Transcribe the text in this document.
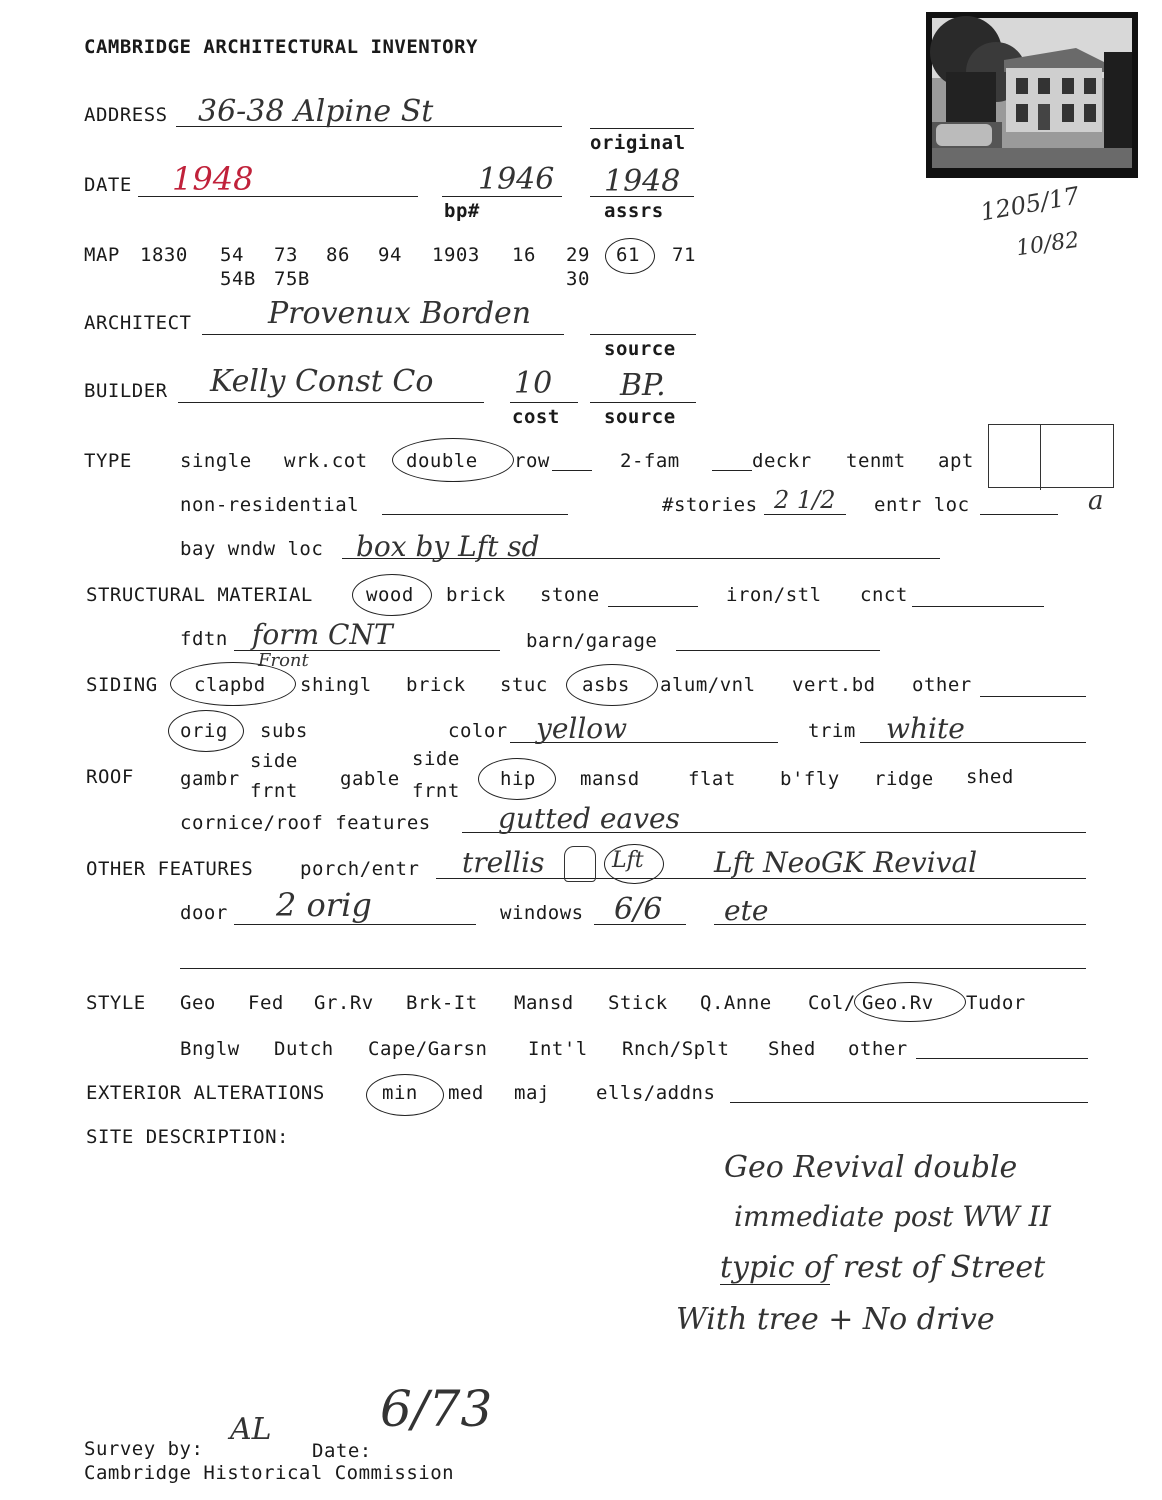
CAMBRIDGE ARCHITECTURAL INVENTORY
1205/17
10/82
ADDRESS 36-38 Alpine St
original
DATE 1948	1946
bp#
1948
assrs
MAP 1830 54 73 86 94 1903 16 29 61 71
54B 75B	30
ARCHITECT	Provenux Borden
source
BUILDER Kelly Const Co	10
cost
BP.
source
TYPE	single wrk.cot double row	2-fam	deckr tenmt apt
non-residential	#stories 2 1/2 entr loc	a
bay wndw loc box by Lft sd
STRUCTURAL MATERIAL	wood brick stone	iron/stl cnct
fdtn form CNT	barn/garage
SIDING
Front
clapbd shingl brick stuc asbs alum/vnl vert.bd other
orig subs	color yellow	trim white
ROOF gambr
side
frnt
gable
side
frnt
hip mansd	flat b'fly ridge shed
cornice/roof features gutted eaves
OTHER FEATURES porch/entr trellis	Lft	Lft NeoGK Revival
door 2 orig	windows 6/6 ete
STYLE Geo Fed Gr.Rv Brk-It Mansd Stick Q.Anne Col/ Geo.Rv Tudor
Bnglw Dutch Cape/Garsn Int'l Rnch/Splt Shed other
EXTERIOR ALTERATIONS	min med maj ells/addns
SITE DESCRIPTION:
Geo Revival double
immediate post WW II
typic of rest of Street
With tree + No drive
6/73
AL
Survey by:	Date:
Cambridge Historical Commission
